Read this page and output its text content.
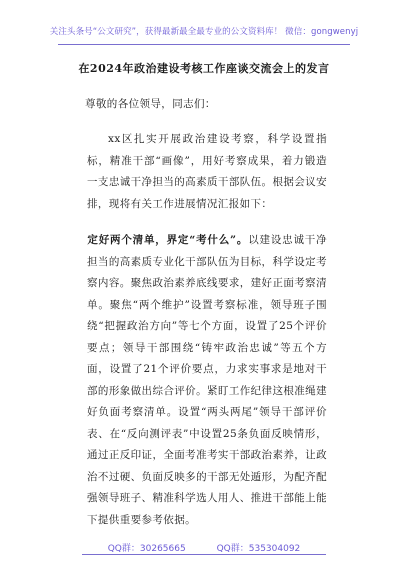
关注头条号“公文研究”，获得最新最全最专业的公文资料库！ 微信：gongwenyj
在2024年政治建设考核工作座谈交流会上的发言
尊敬的各位领导，同志们：

xx区扎实开展政治建设考察，科学设置指标，精准干部“画像”，用好考察成果，着力锻造一支忠诚干净担当的高素质干部队伍。根据会议安排，现将有关工作进展情况汇报如下：

定好两个清单，界定“考什么”。以建设忠诚干净担当的高素质专业化干部队伍为目标，科学设定考察内容。聚焦政治素养底线要求，建好正面考察清单。聚焦“两个维护”设置考察标准，领导班子围绕“把握政治方向”等七个方面，设置了25个评价要点；领导干部围绕“铸牢政治忠诚”等五个方面，设置了21个评价要点，力求实事求是地对干部的形象做出综合评价。紧盯工作纪律这根准绳建好负面考察清单。设置“两头两尾”领导干部评价表、在“反向测评表”中设置25条负面反映情形，通过正反印证，全面考准考实干部政治素养，让政治不过硬、负面反映多的干部无处遁形，为配齐配强领导班子、精准科学选人用人、推进干部能上能下提供重要参考依据。

QQ群：30265665	QQ群：535304092
